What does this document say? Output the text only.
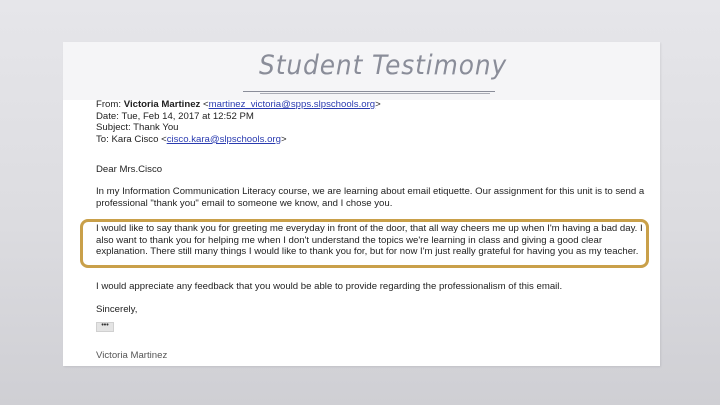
Student Testimony
From: Victoria Martinez <martinez_victoria@spps.slpschools.org>
Date: Tue, Feb 14, 2017 at 12:52 PM
Subject: Thank You
To: Kara Cisco <cisco.kara@slpschools.org>
Dear Mrs.Cisco
In my Information Communication Literacy course, we are learning about email etiquette. Our assignment for this unit is to send a professional "thank you" email to someone we know, and I chose you.
I would like to say thank you for greeting me everyday in front of the door, that all way cheers me up when I'm having a bad day. I also want to thank you for helping me when I don't understand the topics we're learning in class and giving a good clear explanation. There still many things I would like to thank you for, but for now I'm just really grateful for having you as my teacher.
I would appreciate any feedback that you would be able to provide regarding the professionalism of this email.
Sincerely,
•••
Victoria Martinez
